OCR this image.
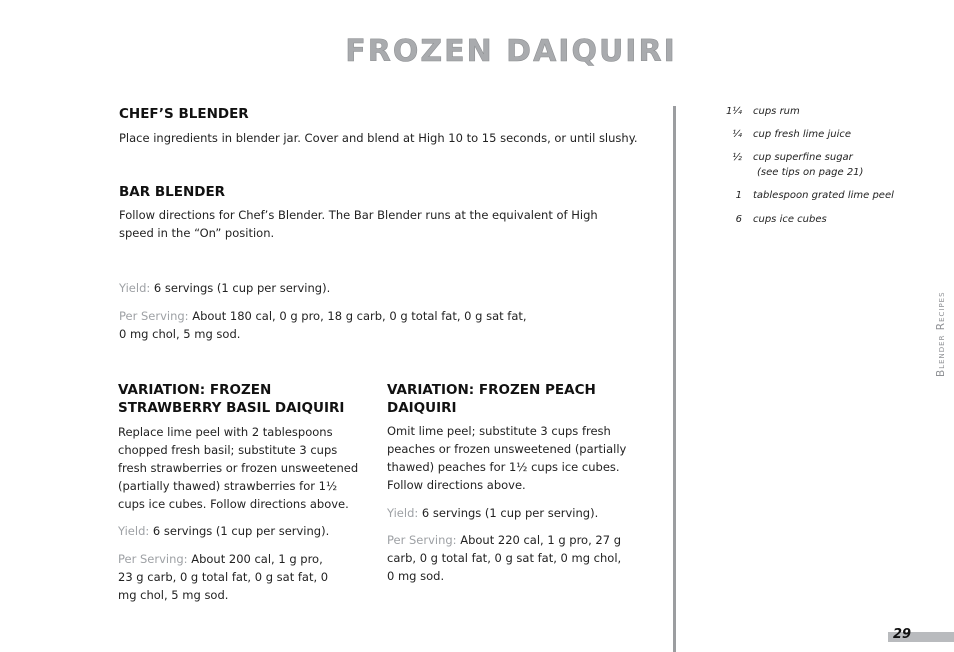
FROZEN DAIQUIRI
CHEF’S BLENDER
Place ingredients in blender jar. Cover and blend at High 10 to 15 seconds, or until slushy.
BAR BLENDER
Follow directions for Chef’s Blender. The Bar Blender runs at the equivalent of High speed in the “On” position.
Yield: 6 servings (1 cup per serving).
Per Serving: About 180 cal, 0 g pro, 18 g carb, 0 g total fat, 0 g sat fat, 0 mg chol, 5 mg sod.
VARIATION: FROZEN STRAWBERRY BASIL DAIQUIRI
Replace lime peel with 2 tablespoons chopped fresh basil; substitute 3 cups fresh strawberries or frozen unsweetened (partially thawed) strawberries for 1½ cups ice cubes. Follow directions above.
Yield: 6 servings (1 cup per serving).
Per Serving: About 200 cal, 1 g pro, 23 g carb, 0 g total fat, 0 g sat fat, 0 mg chol, 5 mg sod.
VARIATION: FROZEN PEACH DAIQUIRI
Omit lime peel; substitute 3 cups fresh peaches or frozen unsweetened (partially thawed) peaches for 1½ cups ice cubes. Follow directions above.
Yield: 6 servings (1 cup per serving).
Per Serving: About 220 cal, 1 g pro, 27 g carb, 0 g total fat, 0 g sat fat, 0 mg chol, 0 mg sod.
1¼ cups rum
¼ cup fresh lime juice
½ cup superfine sugar
(see tips on page 21)
1 tablespoon grated lime peel
6 cups ice cubes
Blender Recipes
29
